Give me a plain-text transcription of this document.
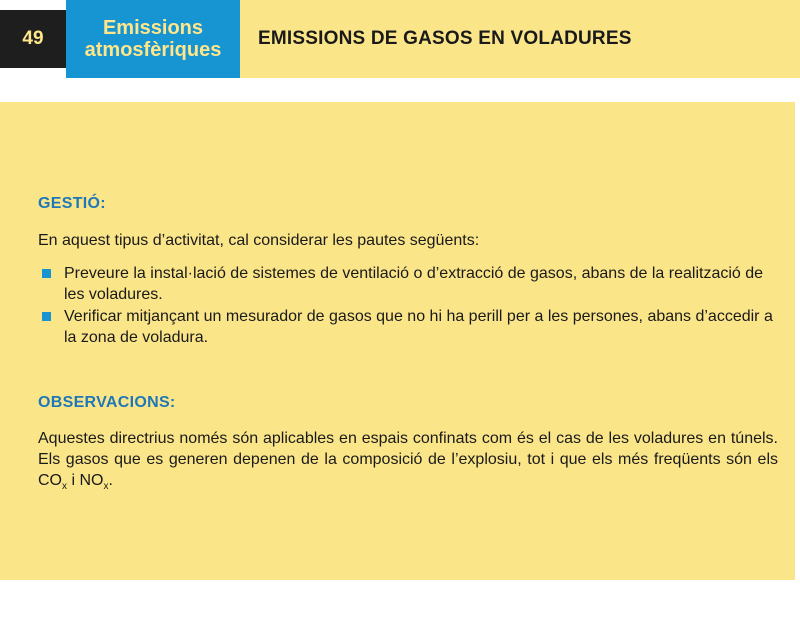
49	Emissions
atmosfèriques
EMISSIONS DE GASOS EN VOLADURES
GESTIÓ:
En aquest tipus d’activitat, cal considerar les pautes següents:
Preveure la instal·lació de sistemes de ventilació o d’extracció de gasos, abans de la realització de les voladures.
Verificar mitjançant un mesurador de gasos que no hi ha perill per a les persones, abans d’accedir a la zona de voladura.
OBSERVACIONS:
Aquestes directrius només són aplicables en espais confinats com és el cas de les voladures en túnels. Els gasos que es generen depenen de la composició de l’explosiu, tot i que els més freqüents són els $CO_x$ i $NO_x$.
